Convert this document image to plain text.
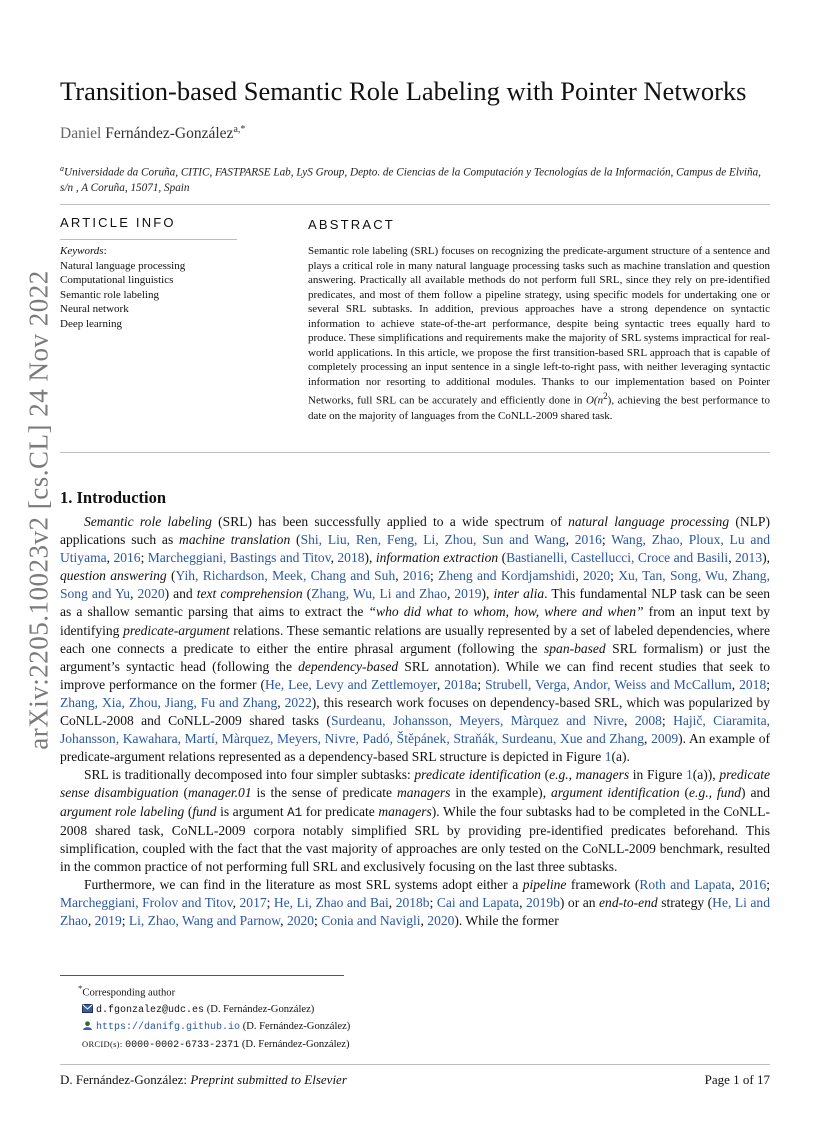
arXiv:2205.10023v2 [cs.CL] 24 Nov 2022
Transition-based Semantic Role Labeling with Pointer Networks
Daniel Fernández-González$^{a,*}$
$^a$Universidade da Coruña, CITIC, FASTPARSE Lab, LyS Group, Depto. de Ciencias de la Computación y Tecnologías de la Información, Campus de Elviña, s/n , A Coruña, 15071, Spain
ARTICLE INFO	ABSTRACT
Keywords:
Natural language processing
Computational linguistics
Semantic role labeling
Neural network
Deep learning
Semantic role labeling (SRL) focuses on recognizing the predicate-argument structure of a sentence and plays a critical role in many natural language processing tasks such as machine translation and question answering. Practically all available methods do not perform full SRL, since they rely on pre-identified predicates, and most of them follow a pipeline strategy, using specific models for undertaking one or several SRL subtasks. In addition, previous approaches have a strong dependence on syntactic information to achieve state-of-the-art performance, despite being syntactic trees equally hard to produce. These simplifications and requirements make the majority of SRL systems impractical for real-world applications. In this article, we propose the first transition-based SRL approach that is capable of completely processing an input sentence in a single left-to-right pass, with neither leveraging syntactic information nor resorting to additional modules. Thanks to our implementation based on Pointer Networks, full SRL can be accurately and efficiently done in $O(n^2)$, achieving the best performance to date on the majority of languages from the CoNLL-2009 shared task.
1. Introduction

Semantic role labeling (SRL) has been successfully applied to a wide spectrum of natural language processing (NLP) applications such as machine translation (Shi, Liu, Ren, Feng, Li, Zhou, Sun and Wang, 2016; Wang, Zhao, Ploux, Lu and Utiyama, 2016; Marcheggiani, Bastings and Titov, 2018), information extraction (Bastianelli, Castellucci, Croce and Basili, 2013), question answering (Yih, Richardson, Meek, Chang and Suh, 2016; Zheng and Kordjamshidi, 2020; Xu, Tan, Song, Wu, Zhang, Song and Yu, 2020) and text comprehension (Zhang, Wu, Li and Zhao, 2019), inter alia. This fundamental NLP task can be seen as a shallow semantic parsing that aims to extract the “who did what to whom, how, where and when” from an input text by identifying predicate-argument relations. These semantic relations are usually represented by a set of labeled dependencies, where each one connects a predicate to either the entire phrasal argument (following the span-based SRL formalism) or just the argument’s syntactic head (following the dependency-based SRL annotation). While we can find recent studies that seek to improve performance on the former (He, Lee, Levy and Zettlemoyer, 2018a; Strubell, Verga, Andor, Weiss and McCallum, 2018; Zhang, Xia, Zhou, Jiang, Fu and Zhang, 2022), this research work focuses on dependency-based SRL, which was popularized by CoNLL-2008 and CoNLL-2009 shared tasks (Surdeanu, Johansson, Meyers, Màrquez and Nivre, 2008; Hajič, Ciaramita, Johansson, Kawahara, Martí, Màrquez, Meyers, Nivre, Padó, Štěpánek, Straňák, Surdeanu, Xue and Zhang, 2009). An example of predicate-argument relations represented as a dependency-based SRL structure is depicted in Figure 1(a).

SRL is traditionally decomposed into four simpler subtasks: predicate identification (e.g., managers in Figure 1(a)), predicate sense disambiguation (manager.01 is the sense of predicate managers in the example), argument identification (e.g., fund) and argument role labeling (fund is argument A1 for predicate managers). While the four subtasks had to be completed in the CoNLL-2008 shared task, CoNLL-2009 corpora notably simplified SRL by providing pre-identified predicates beforehand. This simplification, coupled with the fact that the vast majority of approaches are only tested on the CoNLL-2009 benchmark, resulted in the common practice of not performing full SRL and exclusively focusing on the last three subtasks.

Furthermore, we can find in the literature as most SRL systems adopt either a pipeline framework (Roth and Lapata, 2016; Marcheggiani, Frolov and Titov, 2017; He, Li, Zhao and Bai, 2018b; Cai and Lapata, 2019b) or an end-to-end strategy (He, Li and Zhao, 2019; Li, Zhao, Wang and Parnow, 2020; Conia and Navigli, 2020). While the former

*Corresponding author
d.fgonzalez@udc.es (D. Fernández-González)
https://danifg.github.io (D. Fernández-González)
ORCID(s): 0000-0002-6733-2371 (D. Fernández-González)
D. Fernández-González: Preprint submitted to Elsevier	Page 1 of 17
